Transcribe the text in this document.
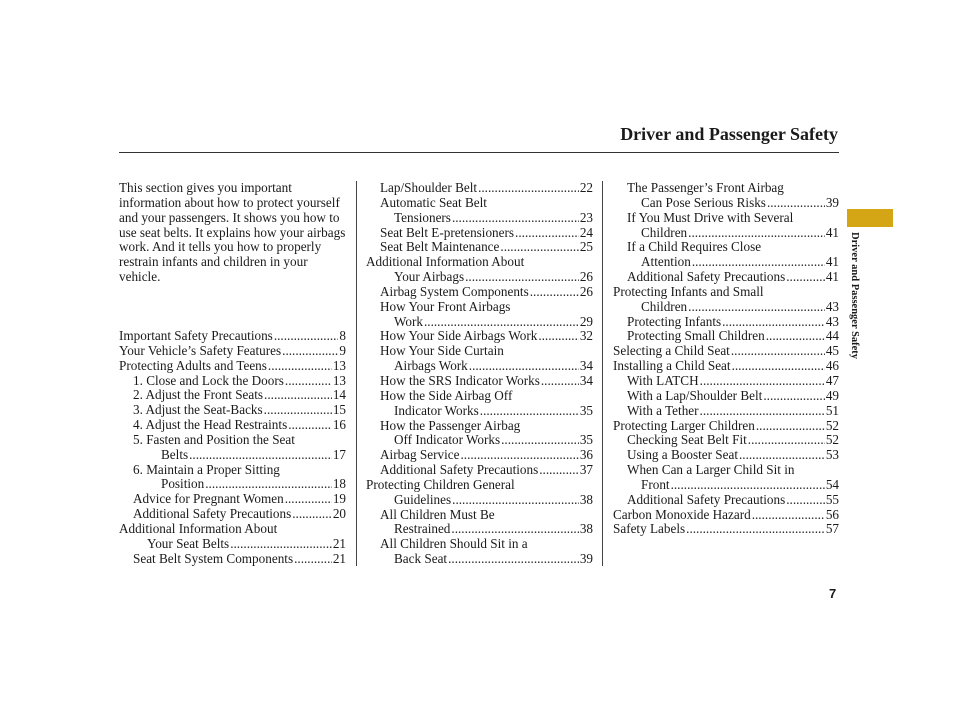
Driver and Passenger Safety
This section gives you important information about how to protect yourself and your passengers. It shows you how to use seat belts. It explains how your airbags work. And it tells you how to properly restrain infants and children in your vehicle.
Important Safety Precautions .....	8
Your Vehicle’s Safety Features .....	9
Protecting Adults and Teens .....	13
1. Close and Lock the Doors .....	13
2. Adjust the Front Seats .....	14
3. Adjust the Seat-Backs .....	15
4. Adjust the Head Restraints .....	16
5. Fasten and Position the Seat
Belts .....	17
6. Maintain a Proper Sitting
Position .....	18
Advice for Pregnant Women .....	19
Additional Safety Precautions .....	20
Additional Information About
Your Seat Belts .....	21
Seat Belt System Components .....	21
Lap/Shoulder Belt .....	22
Automatic Seat Belt
Tensioners .....	23
Seat Belt E-pretensioners .....	24
Seat Belt Maintenance .....	25
Additional Information About
Your Airbags .....	26
Airbag System Components .....	26
How Your Front Airbags
Work .....	29
How Your Side Airbags Work .....	32
How Your Side Curtain
Airbags Work .....	34
How the SRS Indicator Works .....	34
How the Side Airbag Off
Indicator Works .....	35
How the Passenger Airbag
Off Indicator Works .....	35
Airbag Service .....	36
Additional Safety Precautions .....	37
Protecting Children General
Guidelines .....	38
All Children Must Be
Restrained .....	38
All Children Should Sit in a
Back Seat .....	39
The Passenger’s Front Airbag
Can Pose Serious Risks .....	39
If You Must Drive with Several
Children .....	41
If a Child Requires Close
Attention .....	41
Additional Safety Precautions .....	41
Protecting Infants and Small
Children .....	43
Protecting Infants .....	43
Protecting Small Children .....	44
Selecting a Child Seat .....	45
Installing a Child Seat .....	46
With LATCH .....	47
With a Lap/Shoulder Belt .....	49
With a Tether .....	51
Protecting Larger Children .....	52
Checking Seat Belt Fit .....	52
Using a Booster Seat .....	53
When Can a Larger Child Sit in
Front .....	54
Additional Safety Precautions .....	55
Carbon Monoxide Hazard .....	56
Safety Labels .....	57
Driver and Passenger Safety
7
